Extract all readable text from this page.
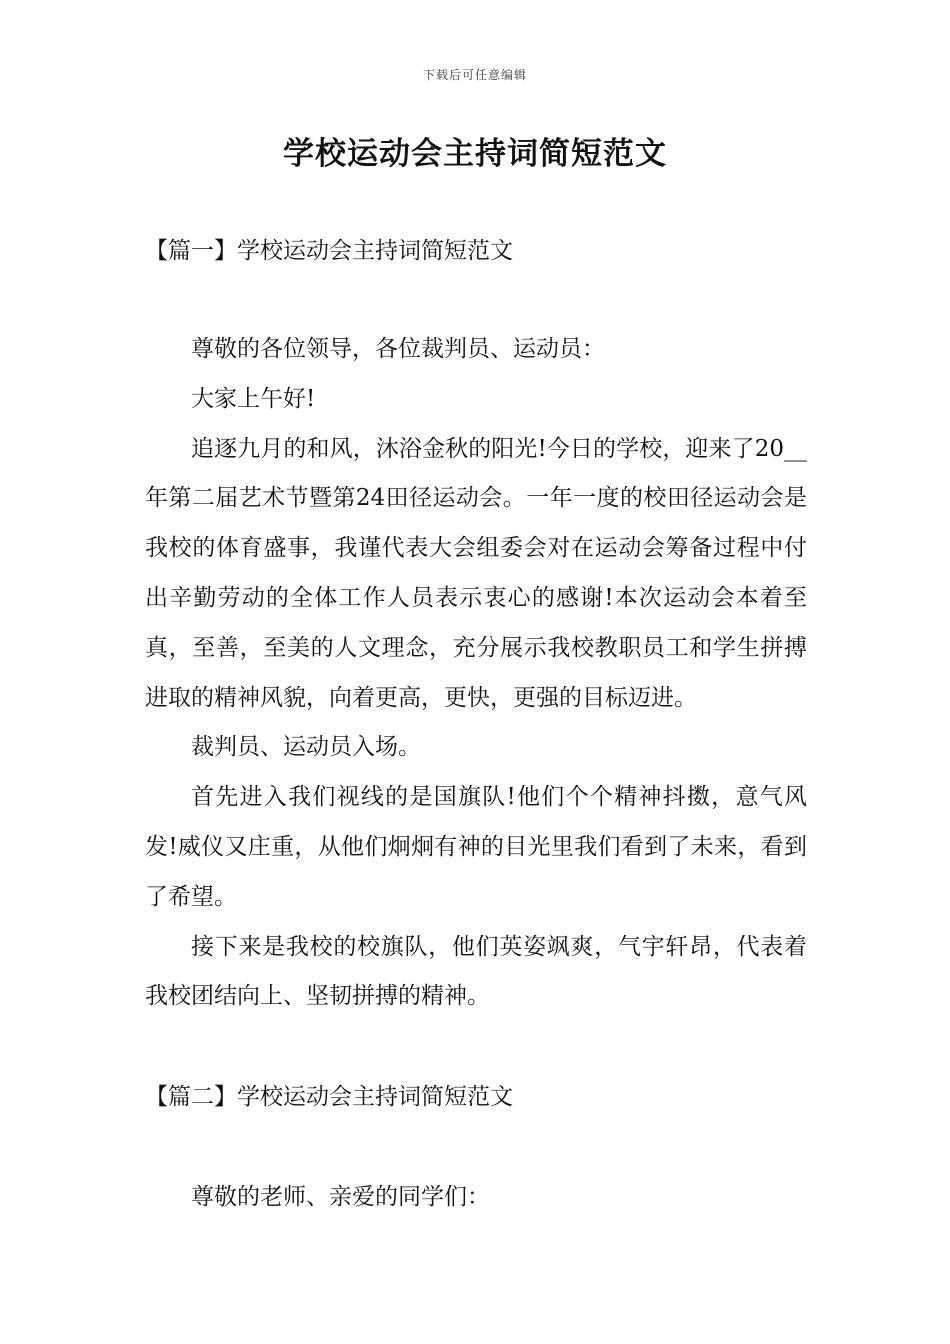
下载后可任意编辑
学校运动会主持词简短范文
【篇一】学校运动会主持词简短范文

尊敬的各位领导，各位裁判员、运动员：

大家上午好!

追逐九月的和风，沐浴金秋的阳光!今日的学校，迎来了20__年第二届艺术节暨第24田径运动会。一年一度的校田径运动会是我校的体育盛事，我谨代表大会组委会对在运动会筹备过程中付出辛勤劳动的全体工作人员表示衷心的感谢!本次运动会本着至真，至善，至美的人文理念，充分展示我校教职员工和学生拼搏进取的精神风貌，向着更高，更快，更强的目标迈进。

裁判员、运动员入场。

首先进入我们视线的是国旗队!他们个个精神抖擞，意气风发!威仪又庄重，从他们炯炯有神的目光里我们看到了未来，看到了希望。

接下来是我校的校旗队，他们英姿飒爽，气宇轩昂，代表着我校团结向上、坚韧拼搏的精神。

【篇二】学校运动会主持词简短范文

尊敬的老师、亲爱的同学们：
